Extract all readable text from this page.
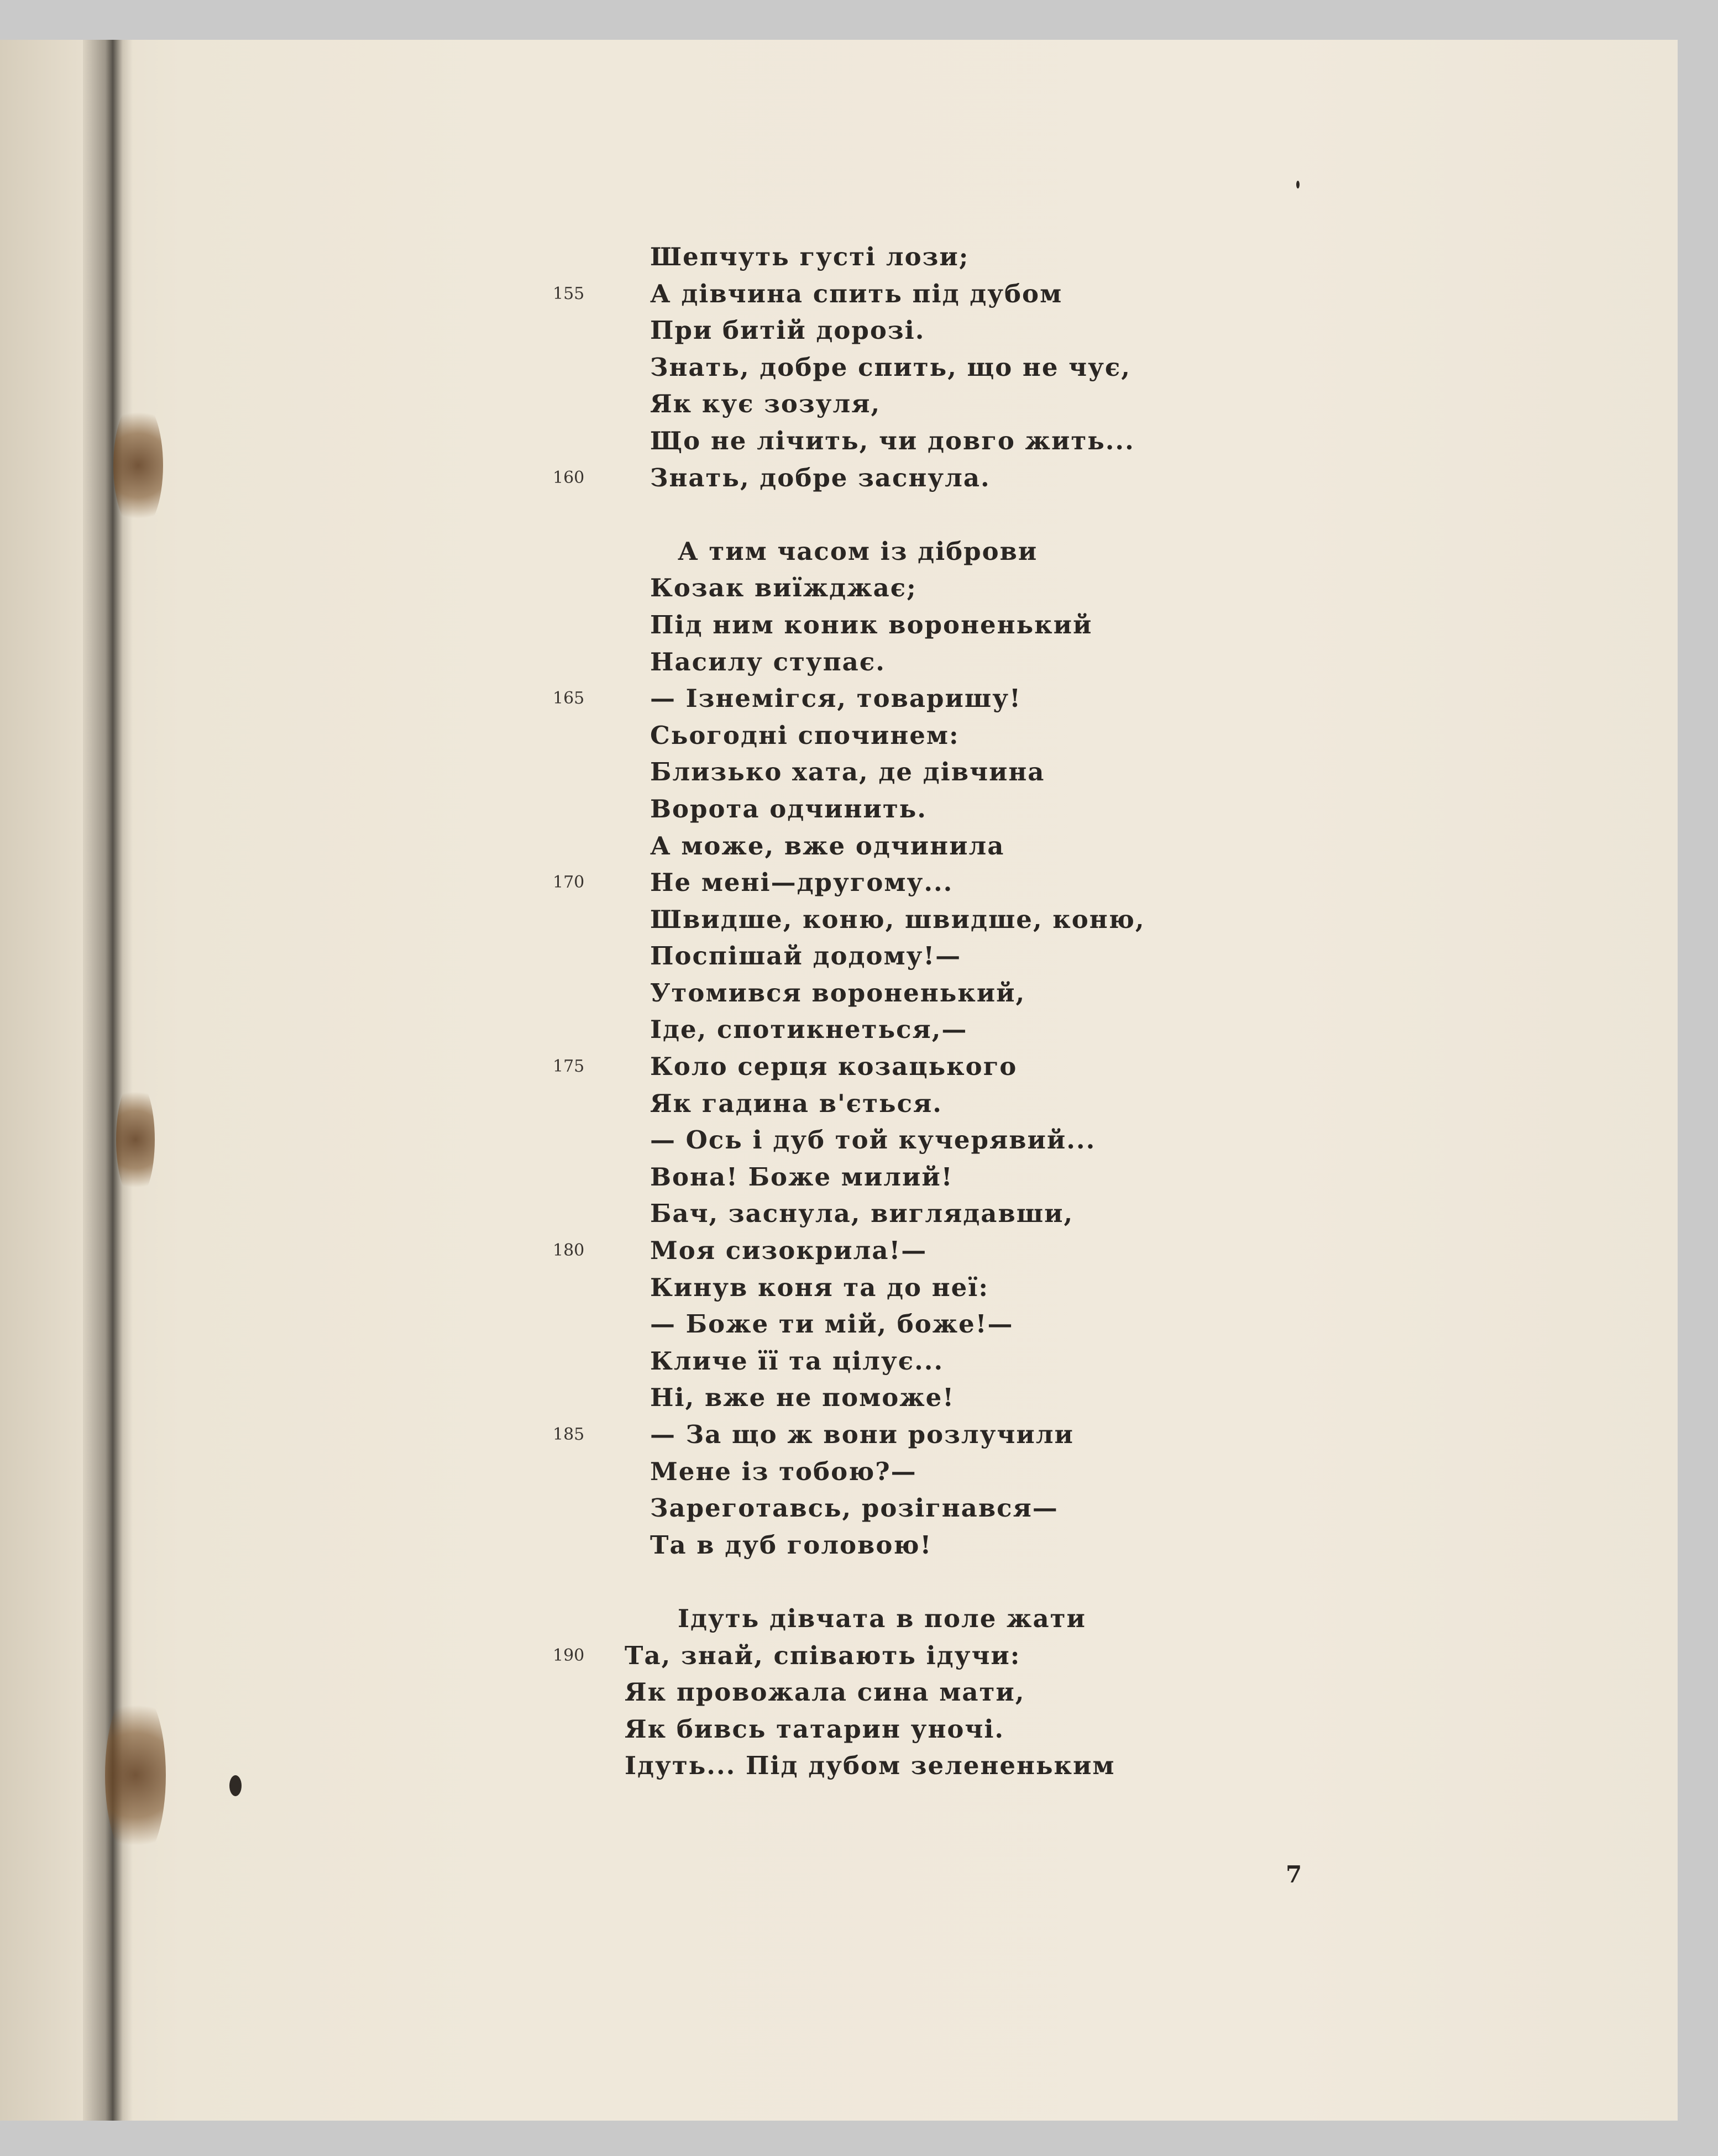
Шепчуть густі лози;
155	А дівчина спить під дубом
При битій дорозі.
Знать, добре спить, що не чує,
Як кує зозуля,
Що не лічить, чи довго жить...
160	Знать, добре заснула.
А тим часом із діброви
Козак виїжджає;
Під ним коник вороненький
Насилу ступає.
165	— Ізнемігся, товаришу!
Сьогодні спочинем:
Близько хата, де дівчина
Ворота одчинить.
А може, вже одчинила
170	Не мені—другому...
Швидше, коню, швидше, коню,
Поспішай додому!—
Утомився вороненький,
Іде, спотикнеться,—
175	Коло серця козацького
Як гадина в'ється.
— Ось і дуб той кучерявий...
Вона! Боже милий!
Бач, заснула, виглядавши,
180	Моя сизокрила!—
Кинув коня та до неї:
— Боже ти мій, боже!—
Кличе її та цілує...
Ні, вже не поможе!
185	— За що ж вони розлучили
Мене із тобою?—
Зареготавсь, розігнався—
Та в дуб головою!
Ідуть дівчата в поле жати
190	Та, знай, співають ідучи:
Як провожала сина мати,
Як бивсь татарин уночі.
Ідуть... Під дубом зелененьким
7
